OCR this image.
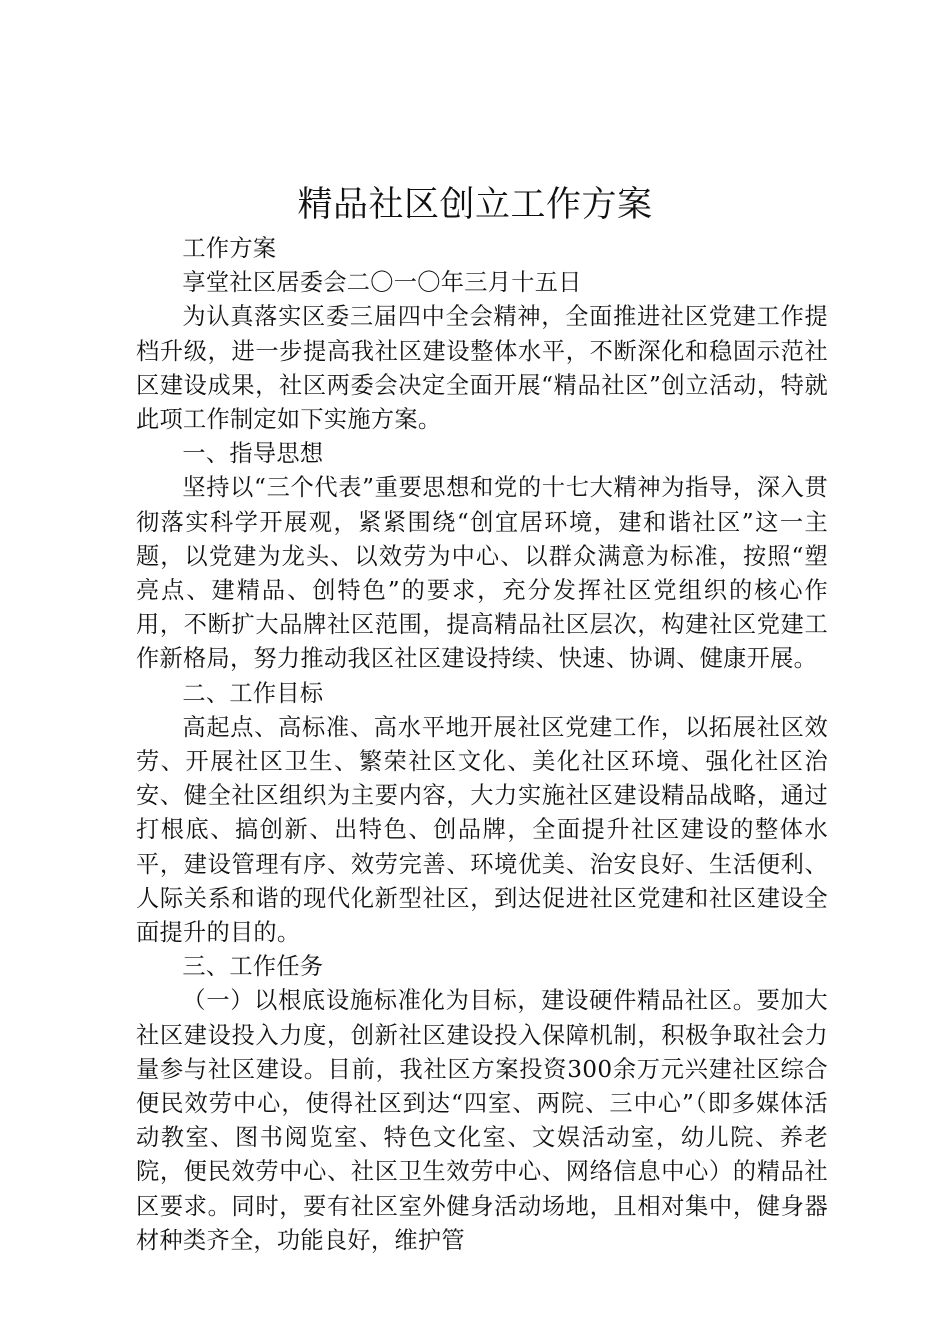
精品社区创立工作方案

工作方案

享堂社区居委会二〇一〇年三月十五日

为认真落实区委三届四中全会精神，全面推进社区党建工作提档升级，进一步提高我社区建设整体水平，不断深化和稳固示范社区建设成果，社区两委会决定全面开展“精品社区”创立活动，特就此项工作制定如下实施方案。

一、指导思想

坚持以“三个代表”重要思想和党的十七大精神为指导，深入贯彻落实科学开展观，紧紧围绕“创宜居环境，建和谐社区”这一主题，以党建为龙头、以效劳为中心、以群众满意为标准，按照“塑亮点、建精品、创特色”的要求，充分发挥社区党组织的核心作用，不断扩大品牌社区范围，提高精品社区层次，构建社区党建工作新格局，努力推动我区社区建设持续、快速、协调、健康开展。

二、工作目标

高起点、高标准、高水平地开展社区党建工作，以拓展社区效劳、开展社区卫生、繁荣社区文化、美化社区环境、强化社区治安、健全社区组织为主要内容，大力实施社区建设精品战略，通过打根底、搞创新、出特色、创品牌，全面提升社区建设的整体水平，建设管理有序、效劳完善、环境优美、治安良好、生活便利、人际关系和谐的现代化新型社区，到达促进社区党建和社区建设全面提升的目的。

三、工作任务

（一）以根底设施标准化为目标，建设硬件精品社区。要加大社区建设投入力度，创新社区建设投入保障机制，积极争取社会力量参与社区建设。目前，我社区方案投资300余万元兴建社区综合便民效劳中心，使得社区到达“四室、两院、三中心”（即多媒体活动教室、图书阅览室、特色文化室、文娱活动室，幼儿院、养老院，便民效劳中心、社区卫生效劳中心、网络信息中心）的精品社区要求。同时，要有社区室外健身活动场地，且相对集中，健身器材种类齐全，功能良好，维护管
